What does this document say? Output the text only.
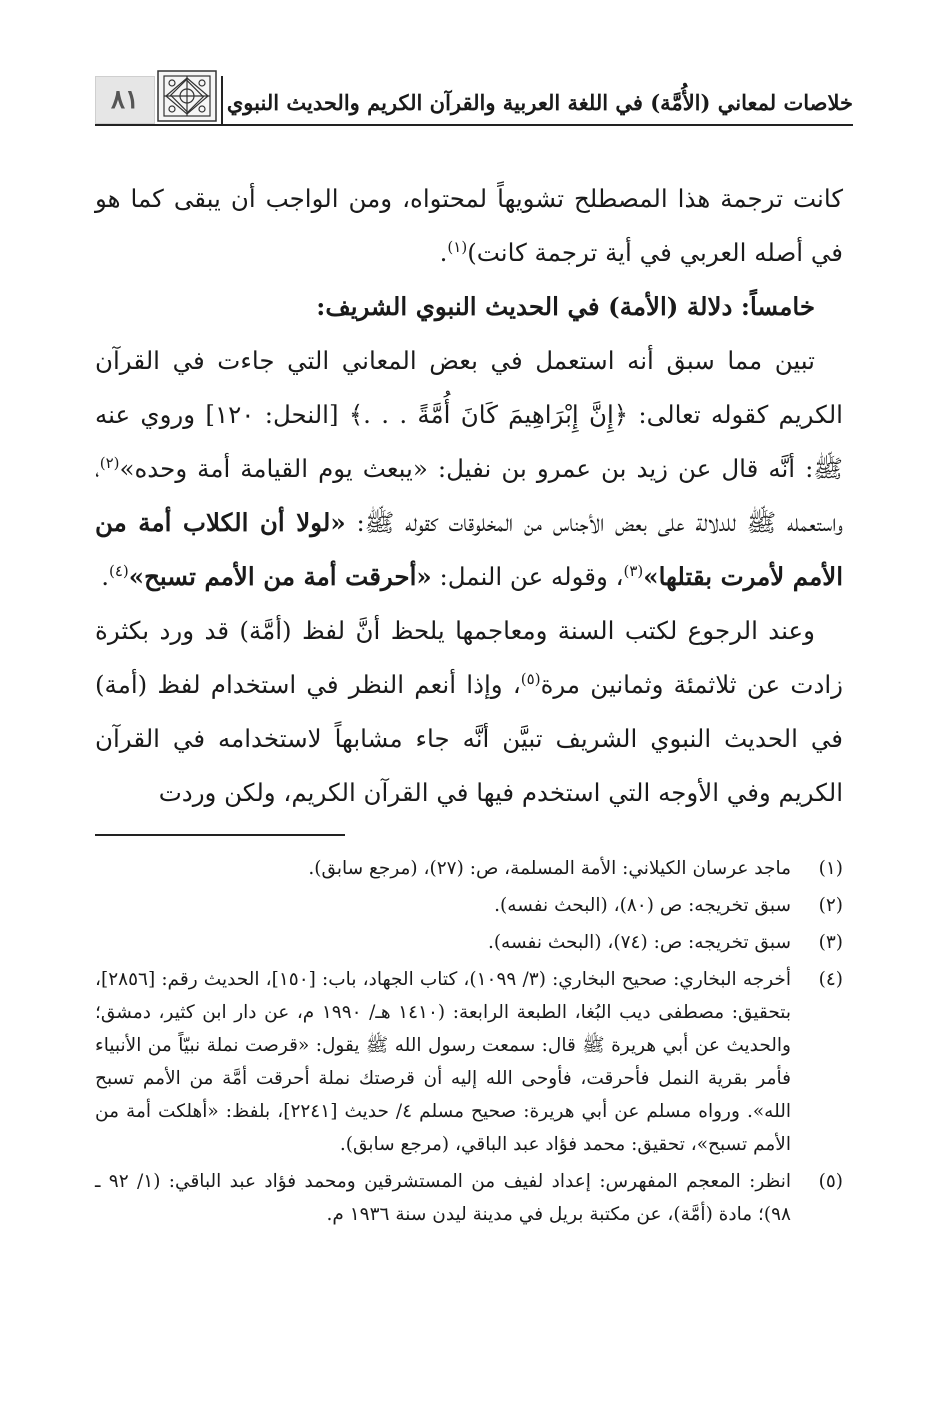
خلاصات لمعاني (الأُمَّة) في اللغة العربية والقرآن الكريم والحديث النبوي
٨١

كانت ترجمة هذا المصطلح تشويهاً لمحتواه، ومن الواجب أن يبقى كما هو في أصله العربي في أية ترجمة كانت)$^{(١)}$.

خامساً: دلالة (الأمة) في الحديث النبوي الشريف:

تبين مما سبق أنه استعمل في بعض المعاني التي جاءت في القرآن الكريم كقوله تعالى: ﴿إِنَّ إِبْرَاهِيمَ كَانَ أُمَّةً . . .﴾ [النحل: ١٢٠] وروي عنه ﷺ: أنَّه قال عن زيد بن عمرو بن نفيل: «يبعث يوم القيامة أمة وحده»$^{(٢)}$، واستعمله ﷺ للدلالة على بعض الأجناس من المخلوقات كقوله ﷺ: «لولا أن الكلاب أمة من الأمم لأمرت بقتلها»$^{(٣)}$، وقوله عن النمل: «أحرقت أمة من الأمم تسبح»$^{(٤)}$.

وعند الرجوع لكتب السنة ومعاجمها يلحظ أنَّ لفظ (أمَّة) قد ورد بكثرة زادت عن ثلاثمئة وثمانين مرة$^{(٥)}$، وإذا أنعم النظر في استخدام لفظ (أمة) في الحديث النبوي الشريف تبيَّن أنَّه جاء مشابهاً لاستخدامه في القرآن الكريم وفي الأوجه التي استخدم فيها في القرآن الكريم، ولكن وردت

(١)
ماجد عرسان الكيلاني: الأمة المسلمة، ص: (٢٧)، (مرجع سابق).
(٢)
سبق تخريجه: ص (٨٠)، (البحث نفسه).
(٣)
سبق تخريجه: ص: (٧٤)، (البحث نفسه).
(٤)
أخرجه البخاري: صحيح البخاري: (٣/ ١٠٩٩)، كتاب الجهاد، باب: [١٥٠]، الحديث رقم: [٢٨٥٦]، بتحقيق: مصطفى ديب البُغا، الطبعة الرابعة: (١٤١٠ هـ/ ١٩٩٠ م، عن دار ابن كثير، دمشق؛ والحديث عن أبي هريرة ﷺ قال: سمعت رسول الله ﷺ يقول: «قرصت نملة نبيّاً من الأنبياء فأمر بقرية النمل فأحرقت، فأوحى الله إليه أن قرصتك نملة أحرقت أمَّة من الأمم تسبح الله». ورواه مسلم عن أبي هريرة: صحيح مسلم ٤/ حديث [٢٢٤١]، بلفظ: «أهلكت أمة من الأمم تسبح»، تحقيق: محمد فؤاد عبد الباقي، (مرجع سابق).
(٥)
انظر: المعجم المفهرس: إعداد لفيف من المستشرقين ومحمد فؤاد عبد الباقي: (١/ ٩٢ ـ ٩٨)؛ مادة (أمَّة)، عن مكتبة بريل في مدينة ليدن سنة ١٩٣٦ م.
